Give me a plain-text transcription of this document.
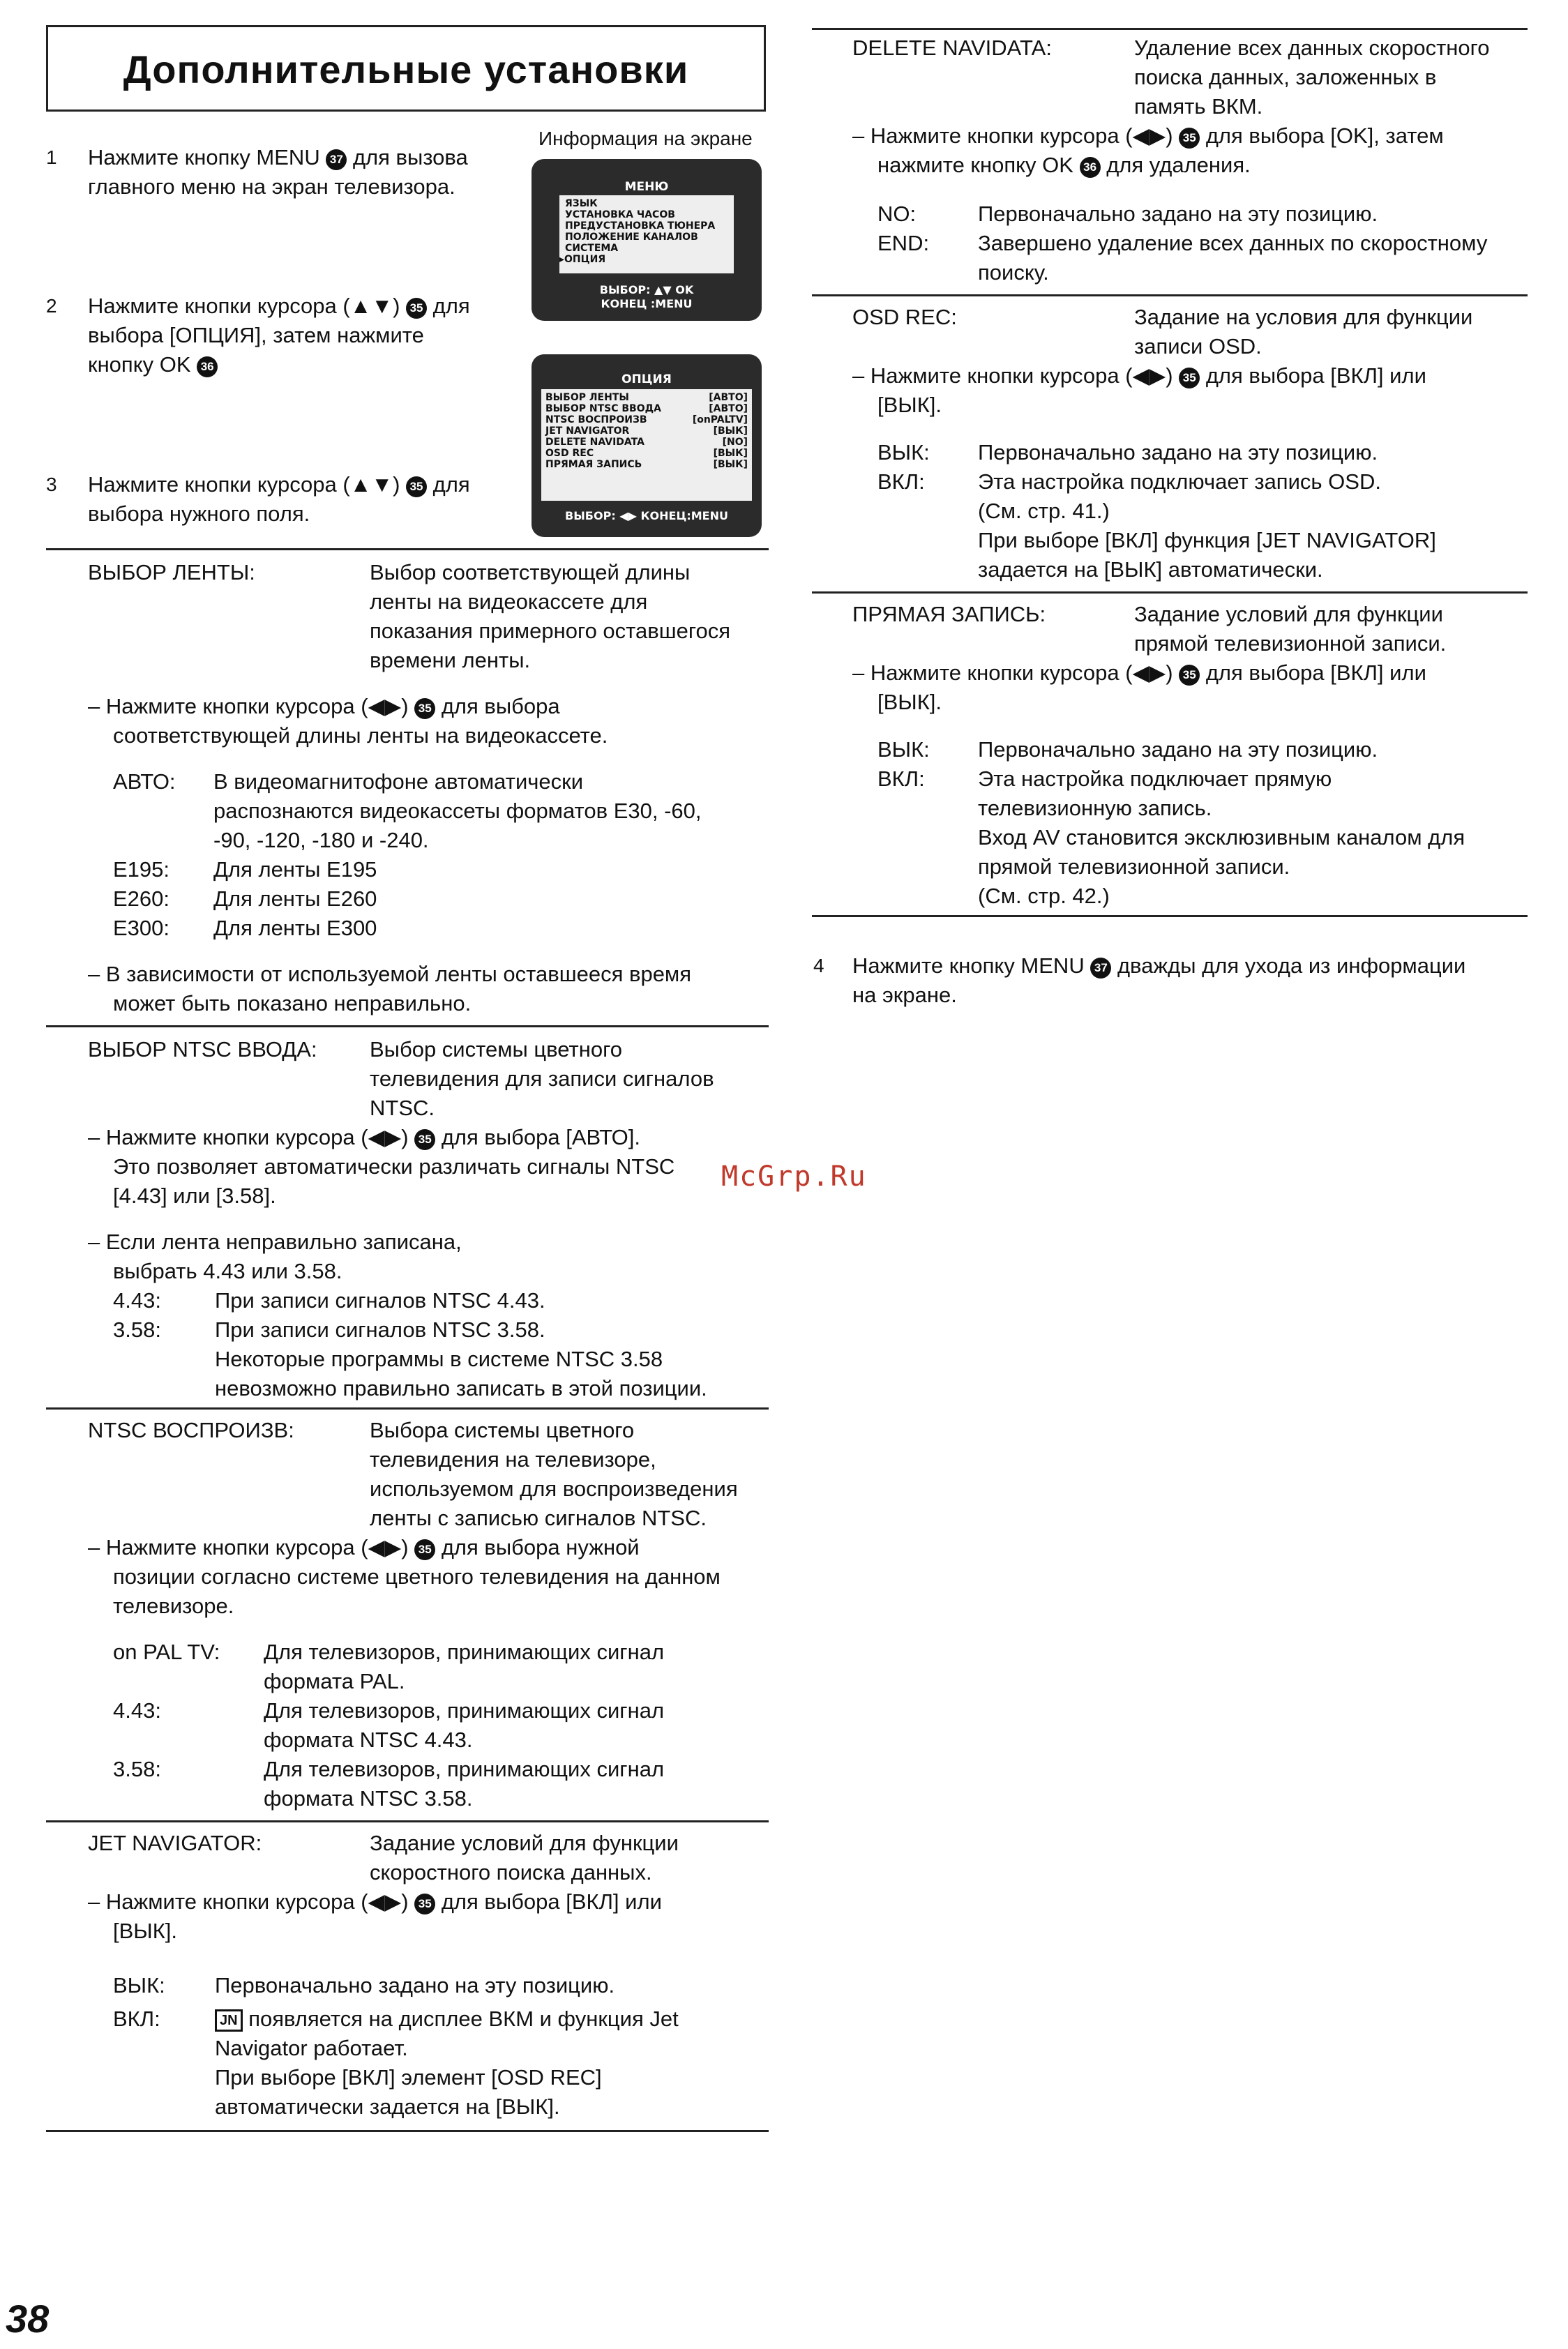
Дополнительные установки
1 Нажмите кнопку MENU 37 для вызова
главного меню на экран телевизора.
2 Нажмите кнопки курсора (▲▼) 35 для
выбора [ОПЦИЯ], затем нажмите
кнопку OK 36
3 Нажмите кнопки курсора (▲▼) 35 для
выбора нужного поля.
Информация на экране
МЕНЮ
ЯЗЫК
УСТАНОВКА ЧАСОВ
ПРЕДУСТАНОВКА ТЮНЕРА
ПОЛОЖЕНИЕ КАНАЛОВ
СИСТЕМА
▸ОПЦИЯ
ВЫБОР: ▲▼ OK
КОНЕЦ :MENU
ОПЦИЯ
ВЫБОР ЛЕНТЫ	[АВТО]
ВЫБОР NTSC ВВОДА	[АВТО]
NTSC ВОСПРОИЗВ	[onPALTV]
JET NAVIGATOR	[ВЫК]
DELETE NAVIDATA	[NO]
OSD REC	[ВЫК]
ПРЯМАЯ ЗАПИСЬ	[ВЫК]
ВЫБОР: ◀▶ КОНЕЦ:MENU
ВЫБОР ЛЕНТЫ:	Выбор соответствующей длины
ленты на видеокассете для
показания примерного оставшегося
времени ленты.
– Нажмите кнопки курсора (◀▶) 35 для выбора
соответствующей длины ленты на видеокассете.
АВТО: В видеомагнитофоне автоматически
распознаются видеокассеты форматов E30, -60,
-90, -120, -180 и -240.
E195: Для ленты E195
E260: Для ленты E260
E300: Для ленты E300
– В зависимости от используемой ленты оставшееся время
может быть показано неправильно.
ВЫБОР NTSC ВВОДА: Выбор системы цветного
телевидения для записи сигналов
NTSC.
– Нажмите кнопки курсора (◀▶) 35 для выбора [АВТО].
Это позволяет автоматически различать сигналы NTSC
[4.43] или [3.58].
– Если лента неправильно записана,
выбрать 4.43 или 3.58.
4.43: При записи сигналов NTSC 4.43.
3.58: При записи сигналов NTSC 3.58.
Некоторые программы в системе NTSC 3.58
невозможно правильно записать в этой позиции.
NTSC ВОСПРОИЗВ:	Выбора системы цветного
телевидения на телевизоре,
используемом для воспроизведения
ленты с записью сигналов NTSC.
– Нажмите кнопки курсора (◀▶) 35 для выбора нужной
позиции согласно системе цветного телевидения на данном
телевизоре.
on PAL TV: Для телевизоров, принимающих сигнал
формата PAL.
4.43:	Для телевизоров, принимающих сигнал
формата NTSC 4.43.
3.58:	Для телевизоров, принимающих сигнал
формата NTSC 3.58.
JET NAVIGATOR:	Задание условий для функции
скоростного поиска данных.
– Нажмите кнопки курсора (◀▶) 35 для выбора [ВКЛ] или
[ВЫК].
ВЫК: Первоначально задано на эту позицию.
ВКЛ:	JN появляется на дисплее ВКМ и функция Jet
Navigator работает.
При выборе [ВКЛ] элемент [OSD REC]
автоматически задается на [ВЫК].
DELETE NAVIDATA:	Удаление всех данных скоростного
поиска данных, заложенных в
память ВКМ.
– Нажмите кнопки курсора (◀▶) 35 для выбора [OK], затем
нажмите кнопку OK 36 для удаления.
NO:	Первоначально задано на эту позицию.
END: Завершено удаление всех данных по скоростному
поиску.
OSD REC:	Задание на условия для функции
записи OSD.
– Нажмите кнопки курсора (◀▶) 35 для выбора [ВКЛ] или
[ВЫК].
ВЫК: Первоначально задано на эту позицию.
ВКЛ: Эта настройка подключает запись OSD.
(См. стр. 41.)
При выборе [ВКЛ] функция [JET NAVIGATOR]
задается на [ВЫК] автоматически.
ПРЯМАЯ ЗАПИСЬ:	Задание условий для функции
прямой телевизионной записи.
– Нажмите кнопки курсора (◀▶) 35 для выбора [ВКЛ] или
[ВЫК].
ВЫК: Первоначально задано на эту позицию.
ВКЛ: Эта настройка подключает прямую
телевизионную запись.
Вход AV становится эксклюзивным каналом для
прямой телевизионной записи.
(См. стр. 42.)
4 Нажмите кнопку MENU 37 дважды для ухода из информации
на экране.
McGrp.Ru
38
